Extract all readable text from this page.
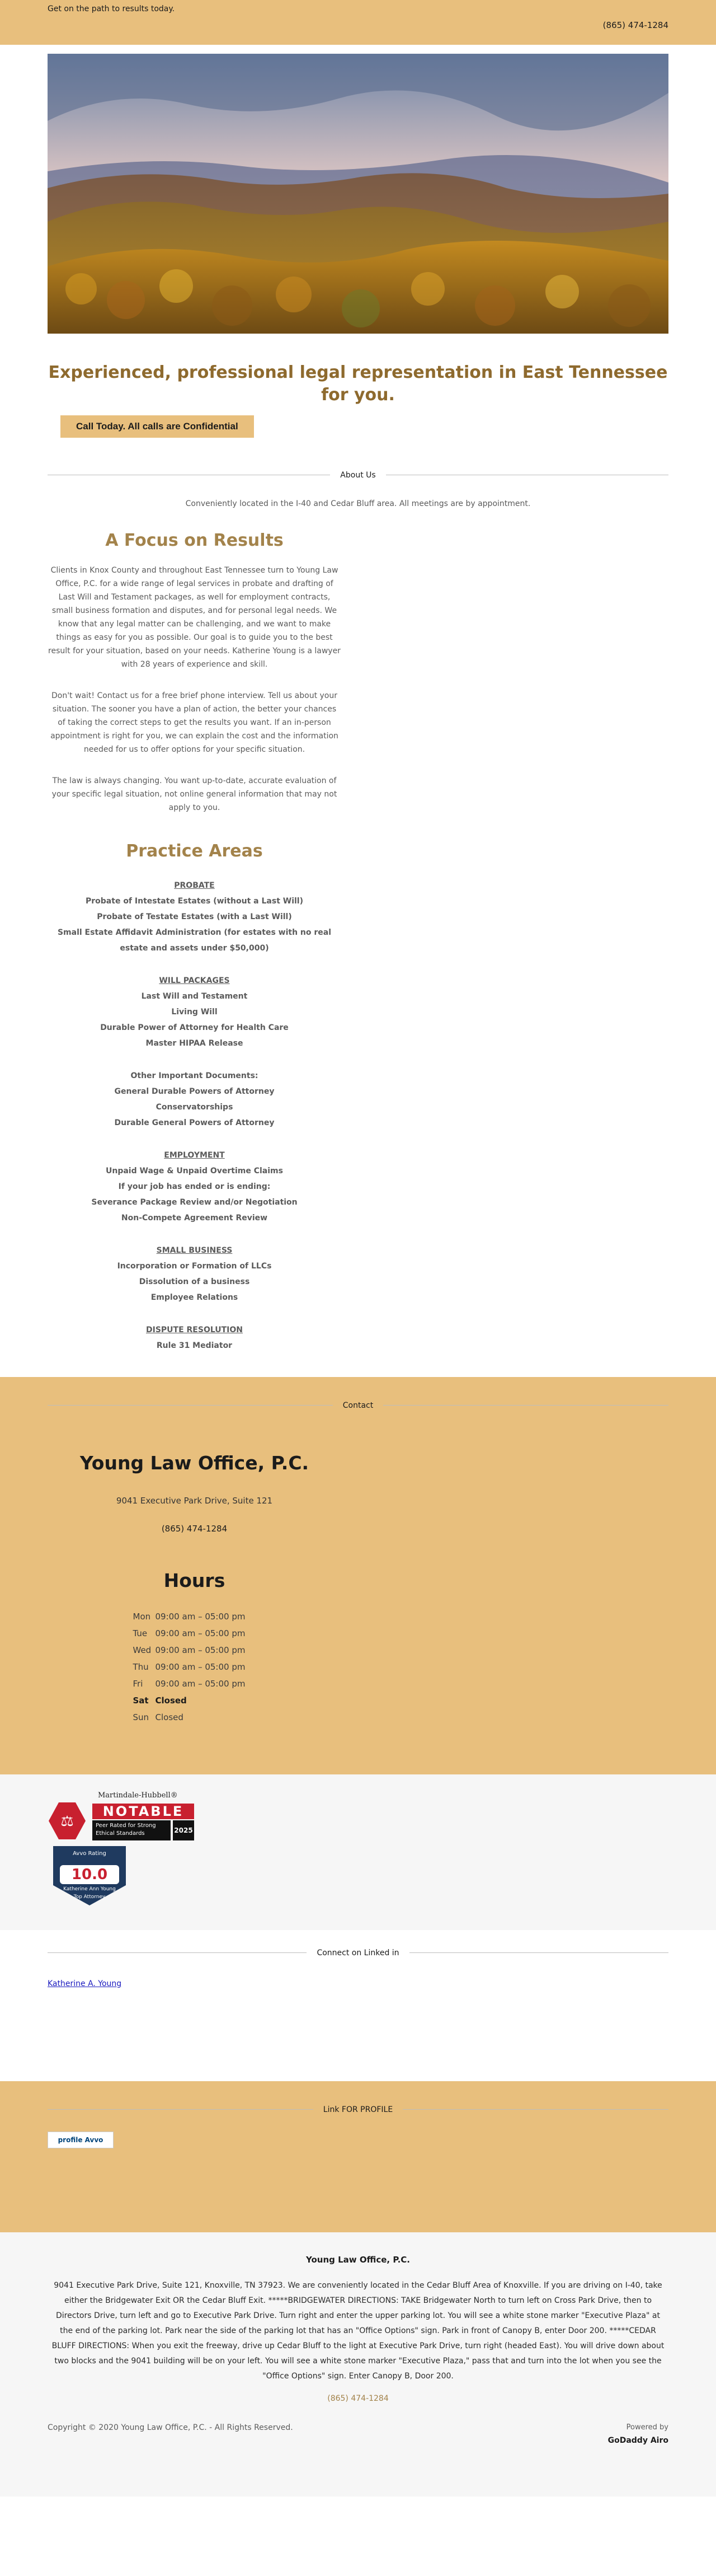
Get on the path to results today.
(865) 474-1284
Experienced, professional legal representation in East Tennessee for you.
Call Today. All calls are Confidential
About Us
Conveniently located in the I-40 and Cedar Bluff area. All meetings are by appointment.
A Focus on Results

Clients in Knox County and throughout East Tennessee turn to Young Law Office, P.C. for a wide range of legal services in probate and drafting of Last Will and Testament packages, as well for employment contracts, small business formation and disputes, and for personal legal needs. We know that any legal matter can be challenging, and we want to make things as easy for you as possible. Our goal is to guide you to the best result for your situation, based on your needs. Katherine Young is a lawyer with 28 years of experience and skill.

Don't wait! Contact us for a free brief phone interview. Tell us about your situation. The sooner you have a plan of action, the better your chances of taking the correct steps to get the results you want. If an in-person appointment is right for you, we can explain the cost and the information needed for us to offer options for your specific situation.

The law is always changing. You want up-to-date, accurate evaluation of your specific legal situation, not online general information that may not apply to you.

Practice Areas
PROBATE
Probate of Intestate Estates (without a Last Will)
Probate of Testate Estates (with a Last Will)
Small Estate Affidavit Administration (for estates with no real estate and assets under $50,000)
WILL PACKAGES
Last Will and Testament
Living Will
Durable Power of Attorney for Health Care
Master HIPAA Release
Other Important Documents:
General Durable Powers of Attorney
Conservatorships
Durable General Powers of Attorney
EMPLOYMENT
Unpaid Wage & Unpaid Overtime Claims
If your job has ended or is ending:
Severance Package Review and/or Negotiation
Non-Compete Agreement Review
SMALL BUSINESS
Incorporation or Formation of LLCs
Dissolution of a business
Employee Relations
DISPUTE RESOLUTION
Rule 31 Mediator
Contact
Young Law Office, P.C.
9041 Executive Park Drive, Suite 121
(865) 474-1284
Hours
Mon 09:00 am – 05:00 pm
Tue 09:00 am – 05:00 pm
Wed 09:00 am – 05:00 pm
Thu 09:00 am – 05:00 pm
Fri 09:00 am – 05:00 pm
Sat Closed
Sun Closed
Martindale-Hubbell®
⚖
NOTABLE
Peer Rated for Strong Ethical Standards	2025
Avvo Rating
10.0
Katherine Ann Young
Top Attorney
Connect on Linked in
Katherine A. Young
Link FOR PROFILE
profile Avvo
Young Law Office, P.C.
9041 Executive Park Drive, Suite 121, Knoxville, TN 37923. We are conveniently located in the Cedar Bluff Area of Knoxville. If you are driving on I-40, take either the Bridgewater Exit OR the Cedar Bluff Exit. *****BRIDGEWATER DIRECTIONS: TAKE Bridgewater North to turn left on Cross Park Drive, then to Directors Drive, turn left and go to Executive Park Drive. Turn right and enter the upper parking lot. You will see a white stone marker "Executive Plaza" at the end of the parking lot. Park near the side of the parking lot that has an "Office Options" sign. Park in front of Canopy B, enter Door 200. *****CEDAR BLUFF DIRECTIONS: When you exit the freeway, drive up Cedar Bluff to the light at Executive Park Drive, turn right (headed East). You will drive down about two blocks and the 9041 building will be on your left. You will see a white stone marker "Executive Plaza," pass that and turn into the lot when you see the "Office Options" sign. Enter Canopy B, Door 200.
(865) 474-1284
Copyright © 2020 Young Law Office, P.C. - All Rights Reserved.	Powered by
GoDaddy Airo
